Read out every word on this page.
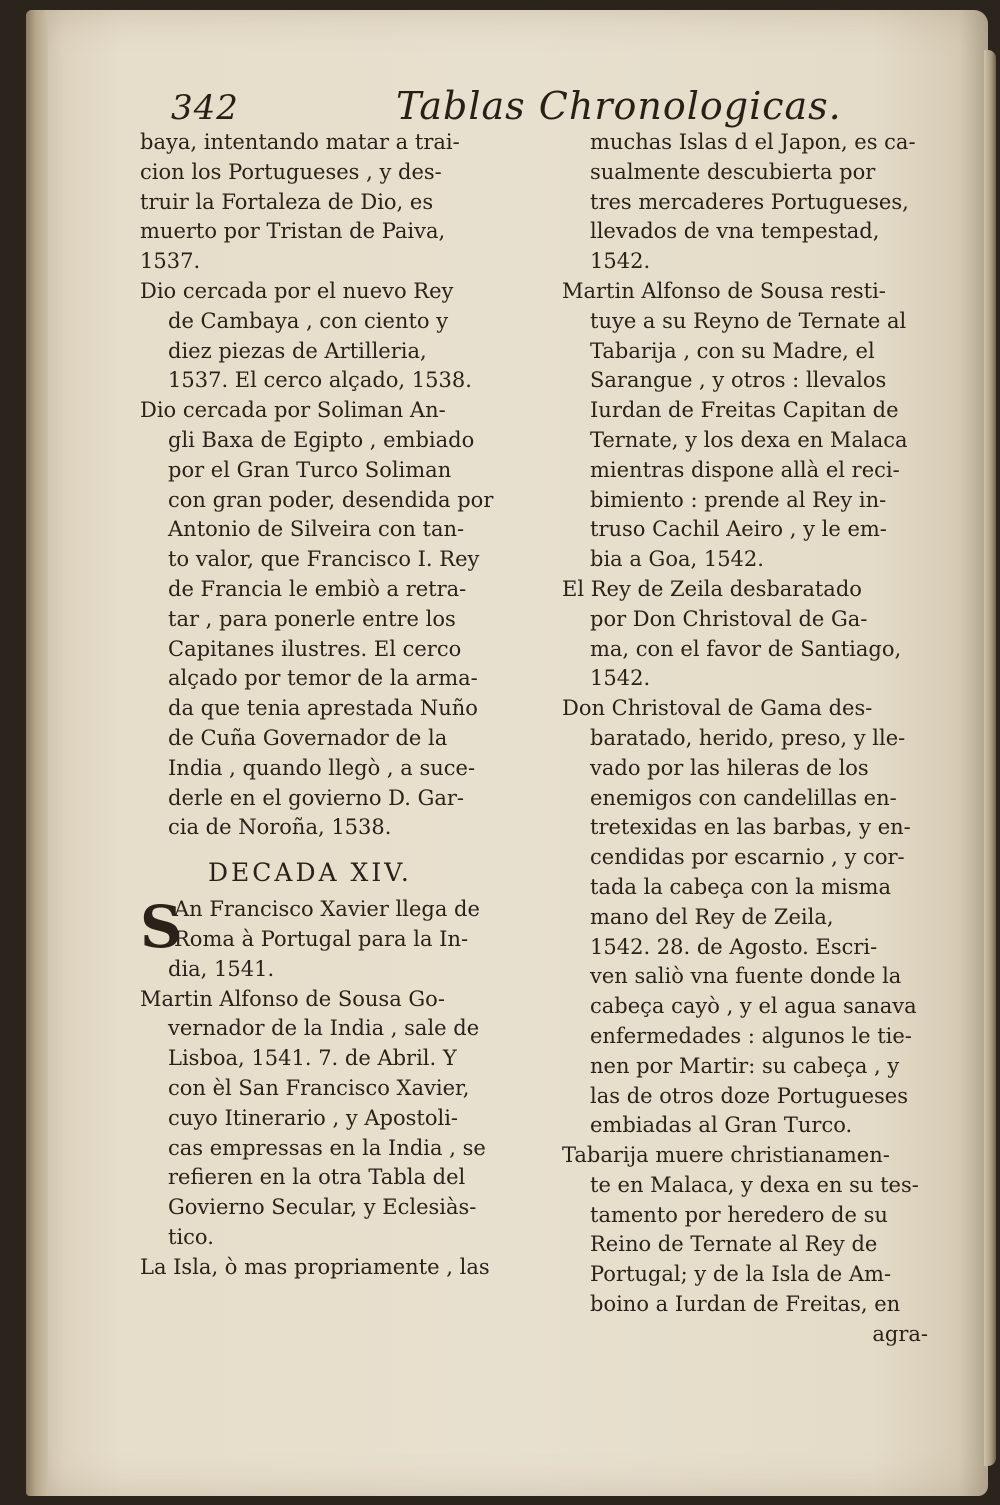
342	Tablas Chronologicas.
baya, intentando matar a trai-
cion los Portugueses , y des-
truir la Fortaleza de Dio, es
muerto por Tristan de Paiva,
1537.
Dio cercada por el nuevo Rey
de Cambaya , con ciento y
diez piezas de Artilleria,
1537. El cerco alçado, 1538.
Dio cercada por Soliman An-
gli Baxa de Egipto , embiado
por el Gran Turco Soliman
con gran poder, desendida por
Antonio de Silveira con tan-
to valor, que Francisco I. Rey
de Francia le embiò a retra-
tar , para ponerle entre los
Capitanes ilustres. El cerco
alçado por temor de la arma-
da que tenia aprestada Nuño
de Cuña Governador de la
India , quando llegò , a suce-
derle en el govierno D. Gar-
cia de Noroña, 1538.
DECADA XIV.
S
An Francisco Xavier llega de
Roma à Portugal para la In-
dia, 1541.
Martin Alfonso de Sousa Go-
vernador de la India , sale de
Lisboa, 1541. 7. de Abril. Y
con èl San Francisco Xavier,
cuyo Itinerario , y Apostoli-
cas empressas en la India , se
refieren en la otra Tabla del
Govierno Secular, y Eclesiàs-
tico.
La Isla, ò mas propriamente , las
muchas Islas d el Japon, es ca-
sualmente descubierta por
tres mercaderes Portugueses,
llevados de vna tempestad,
1542.
Martin Alfonso de Sousa resti-
tuye a su Reyno de Ternate al
Tabarija , con su Madre, el
Sarangue , y otros : llevalos
Iurdan de Freitas Capitan de
Ternate, y los dexa en Malaca
mientras dispone allà el reci-
bimiento : prende al Rey in-
truso Cachil Aeiro , y le em-
bia a Goa, 1542.
El Rey de Zeila desbaratado
por Don Christoval de Ga-
ma, con el favor de Santiago,
1542.
Don Christoval de Gama des-
baratado, herido, preso, y lle-
vado por las hileras de los
enemigos con candelillas en-
tretexidas en las barbas, y en-
cendidas por escarnio , y cor-
tada la cabeça con la misma
mano del Rey de Zeila,
1542. 28. de Agosto. Escri-
ven saliò vna fuente donde la
cabeça cayò , y el agua sanava
enfermedades : algunos le tie-
nen por Martir: su cabeça , y
las de otros doze Portugueses
embiadas al Gran Turco.
Tabarija muere christianamen-
te en Malaca, y dexa en su tes-
tamento por heredero de su
Reino de Ternate al Rey de
Portugal; y de la Isla de Am-
boino a Iurdan de Freitas, en
agra-
